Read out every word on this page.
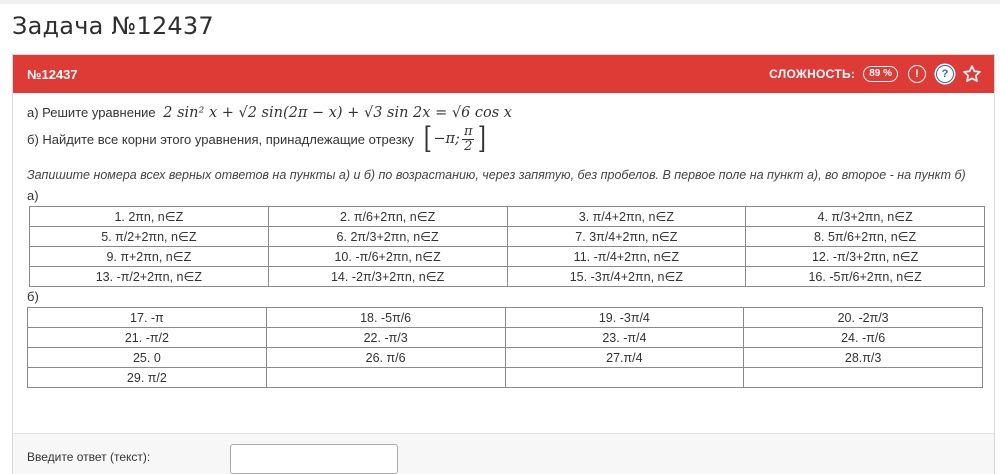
Задача №12437
№12437	СЛОЖНОСТЬ:	89 %	!	?
а) Решите уравнение 2 sin² x + √2 sin(2π − x) + √3 sin 2x = √6 cos x
б) Найдите все корни этого уравнения, принадлежащие отрезку [ −π; $\frac{\pi}{2}$ ]
Запишите номера всех верных ответов на пункты а) и б) по возрастанию, через запятую, без пробелов. В первое поле на пункт а), во второе - на пункт б)
а)
1. 2πn, n∈Z	2. π/6+2πn, n∈Z	3. π/4+2πn, n∈Z	4. π/3+2πn, n∈Z
5. π/2+2πn, n∈Z	6. 2π/3+2πn, n∈Z	7. 3π/4+2πn, n∈Z	8. 5π/6+2πn, n∈Z
9. π+2πn, n∈Z	10. -π/6+2πn, n∈Z	11. -π/4+2πn, n∈Z	12. -π/3+2πn, n∈Z
13. -π/2+2πn, n∈Z	14. -2π/3+2πn, n∈Z	15. -3π/4+2πn, n∈Z	16. -5π/6+2πn, n∈Z
б)
17. -π	18. -5π/6	19. -3π/4	20. -2π/3
21. -π/2	22. -π/3	23. -π/4	24. -π/6
25. 0	26. π/6	27.π/4	28.π/3
29. π/2			
Введите ответ (текст):
